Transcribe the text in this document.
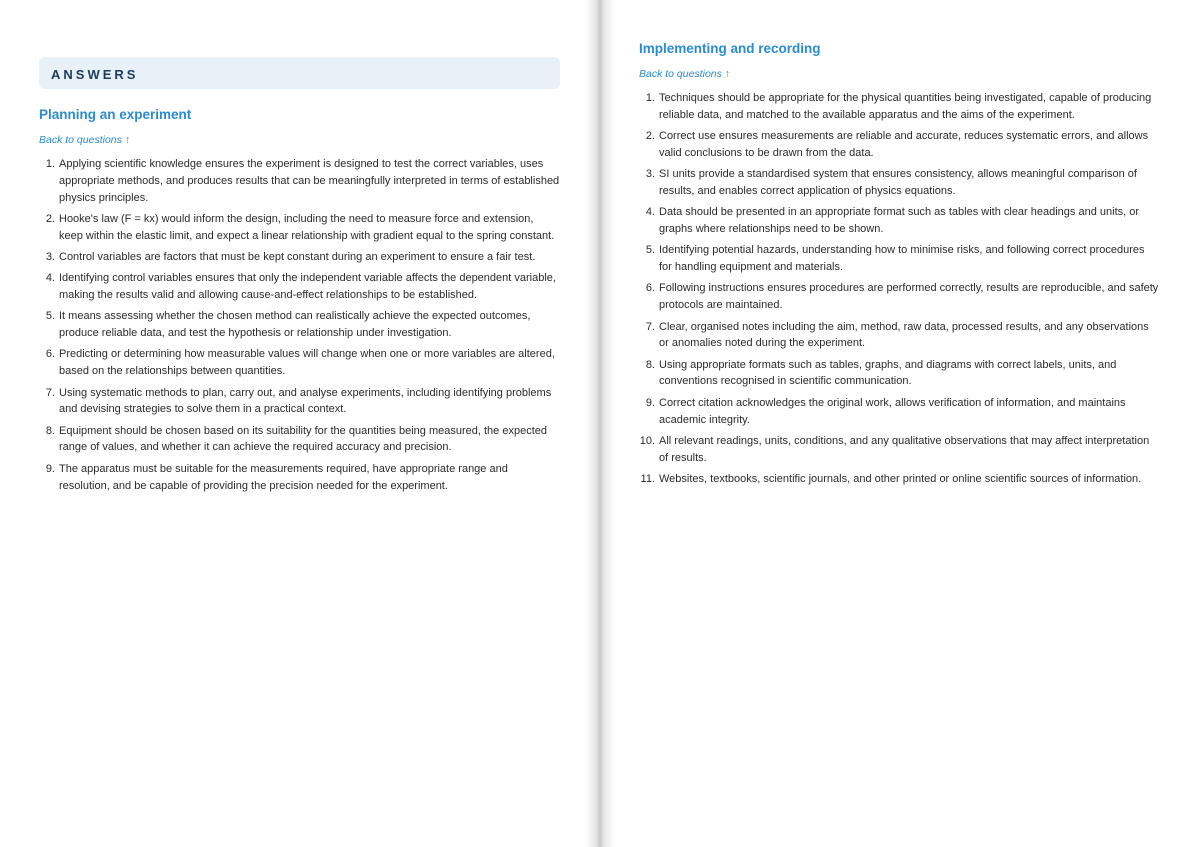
ANSWERS
Planning an experiment
Back to questions ↑
1. Applying scientific knowledge ensures the experiment is designed to test the correct variables, uses appropriate methods, and produces results that can be meaningfully interpreted in terms of established physics principles.
2. Hooke's law (F = kx) would inform the design, including the need to measure force and extension, keep within the elastic limit, and expect a linear relationship with gradient equal to the spring constant.
3. Control variables are factors that must be kept constant during an experiment to ensure a fair test.
4. Identifying control variables ensures that only the independent variable affects the dependent variable, making the results valid and allowing cause-and-effect relationships to be established.
5. It means assessing whether the chosen method can realistically achieve the expected outcomes, produce reliable data, and test the hypothesis or relationship under investigation.
6. Predicting or determining how measurable values will change when one or more variables are altered, based on the relationships between quantities.
7. Using systematic methods to plan, carry out, and analyse experiments, including identifying problems and devising strategies to solve them in a practical context.
8. Equipment should be chosen based on its suitability for the quantities being measured, the expected range of values, and whether it can achieve the required accuracy and precision.
9. The apparatus must be suitable for the measurements required, have appropriate range and resolution, and be capable of providing the precision needed for the experiment.
Implementing and recording
Back to questions ↑
1. Techniques should be appropriate for the physical quantities being investigated, capable of producing reliable data, and matched to the available apparatus and the aims of the experiment.
2. Correct use ensures measurements are reliable and accurate, reduces systematic errors, and allows valid conclusions to be drawn from the data.
3. SI units provide a standardised system that ensures consistency, allows meaningful comparison of results, and enables correct application of physics equations.
4. Data should be presented in an appropriate format such as tables with clear headings and units, or graphs where relationships need to be shown.
5. Identifying potential hazards, understanding how to minimise risks, and following correct procedures for handling equipment and materials.
6. Following instructions ensures procedures are performed correctly, results are reproducible, and safety protocols are maintained.
7. Clear, organised notes including the aim, method, raw data, processed results, and any observations or anomalies noted during the experiment.
8. Using appropriate formats such as tables, graphs, and diagrams with correct labels, units, and conventions recognised in scientific communication.
9. Correct citation acknowledges the original work, allows verification of information, and maintains academic integrity.
10. All relevant readings, units, conditions, and any qualitative observations that may affect interpretation of results.
11. Websites, textbooks, scientific journals, and other printed or online scientific sources of information.
